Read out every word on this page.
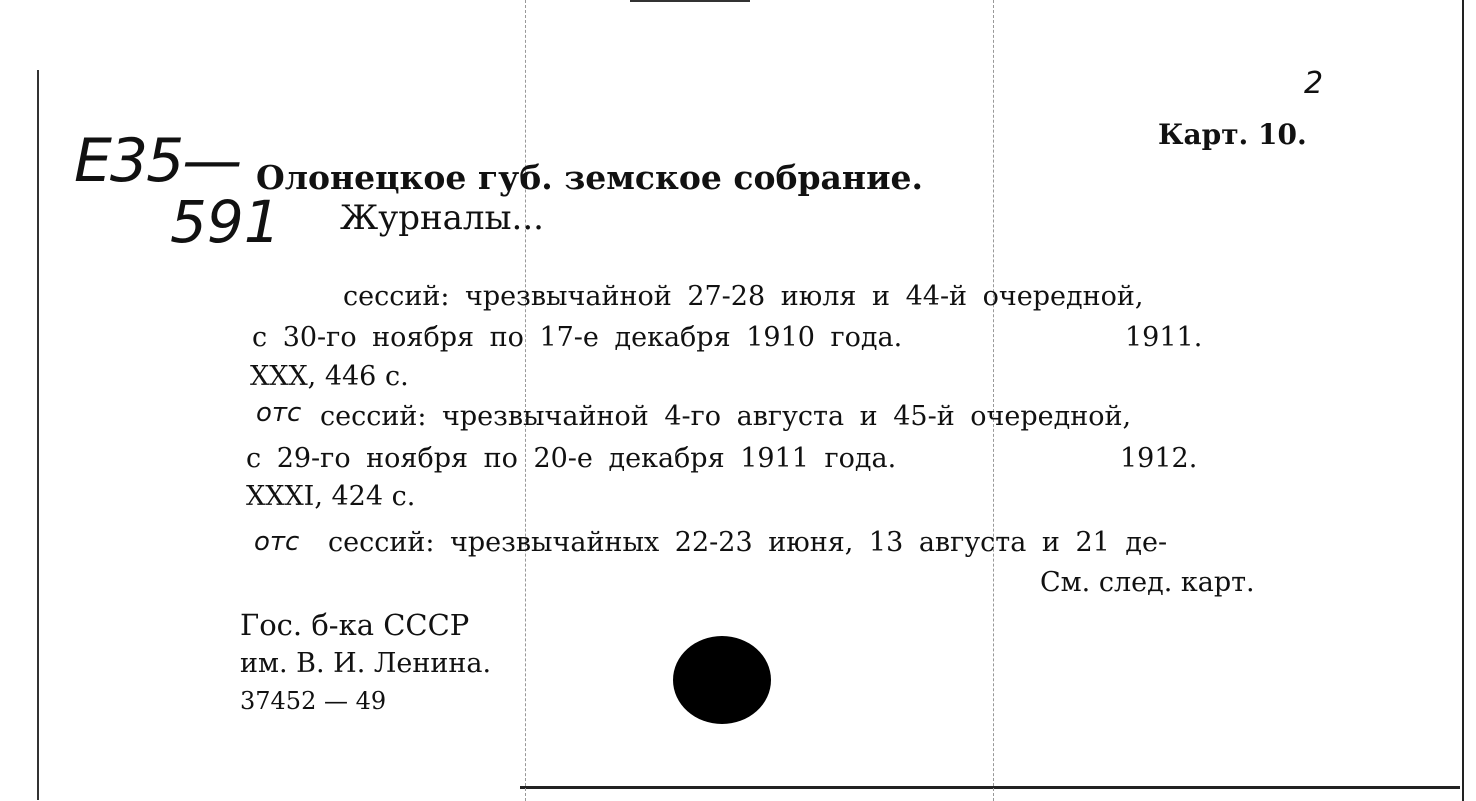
E35—
591
2
Карт. 10.
Олонецкое губ. земское собрание.
Журналы...
сессий: чрезвычайной 27-28 июля и 44-й очередной,
с 30-го ноября по 17-е декабря 1910 года.	1911.
XXX, 446 с.
отс сессий: чрезвычайной 4-го августа и 45-й очередной,
с 29-го ноября по 20-е декабря 1911 года.	1912.
XXXI, 424 с.
отс сессий: чрезвычайных 22-23 июня, 13 августа и 21 де-
См. след. карт.
Гос. б-ка СССР
им. В. И. Ленина.
37452 — 49
